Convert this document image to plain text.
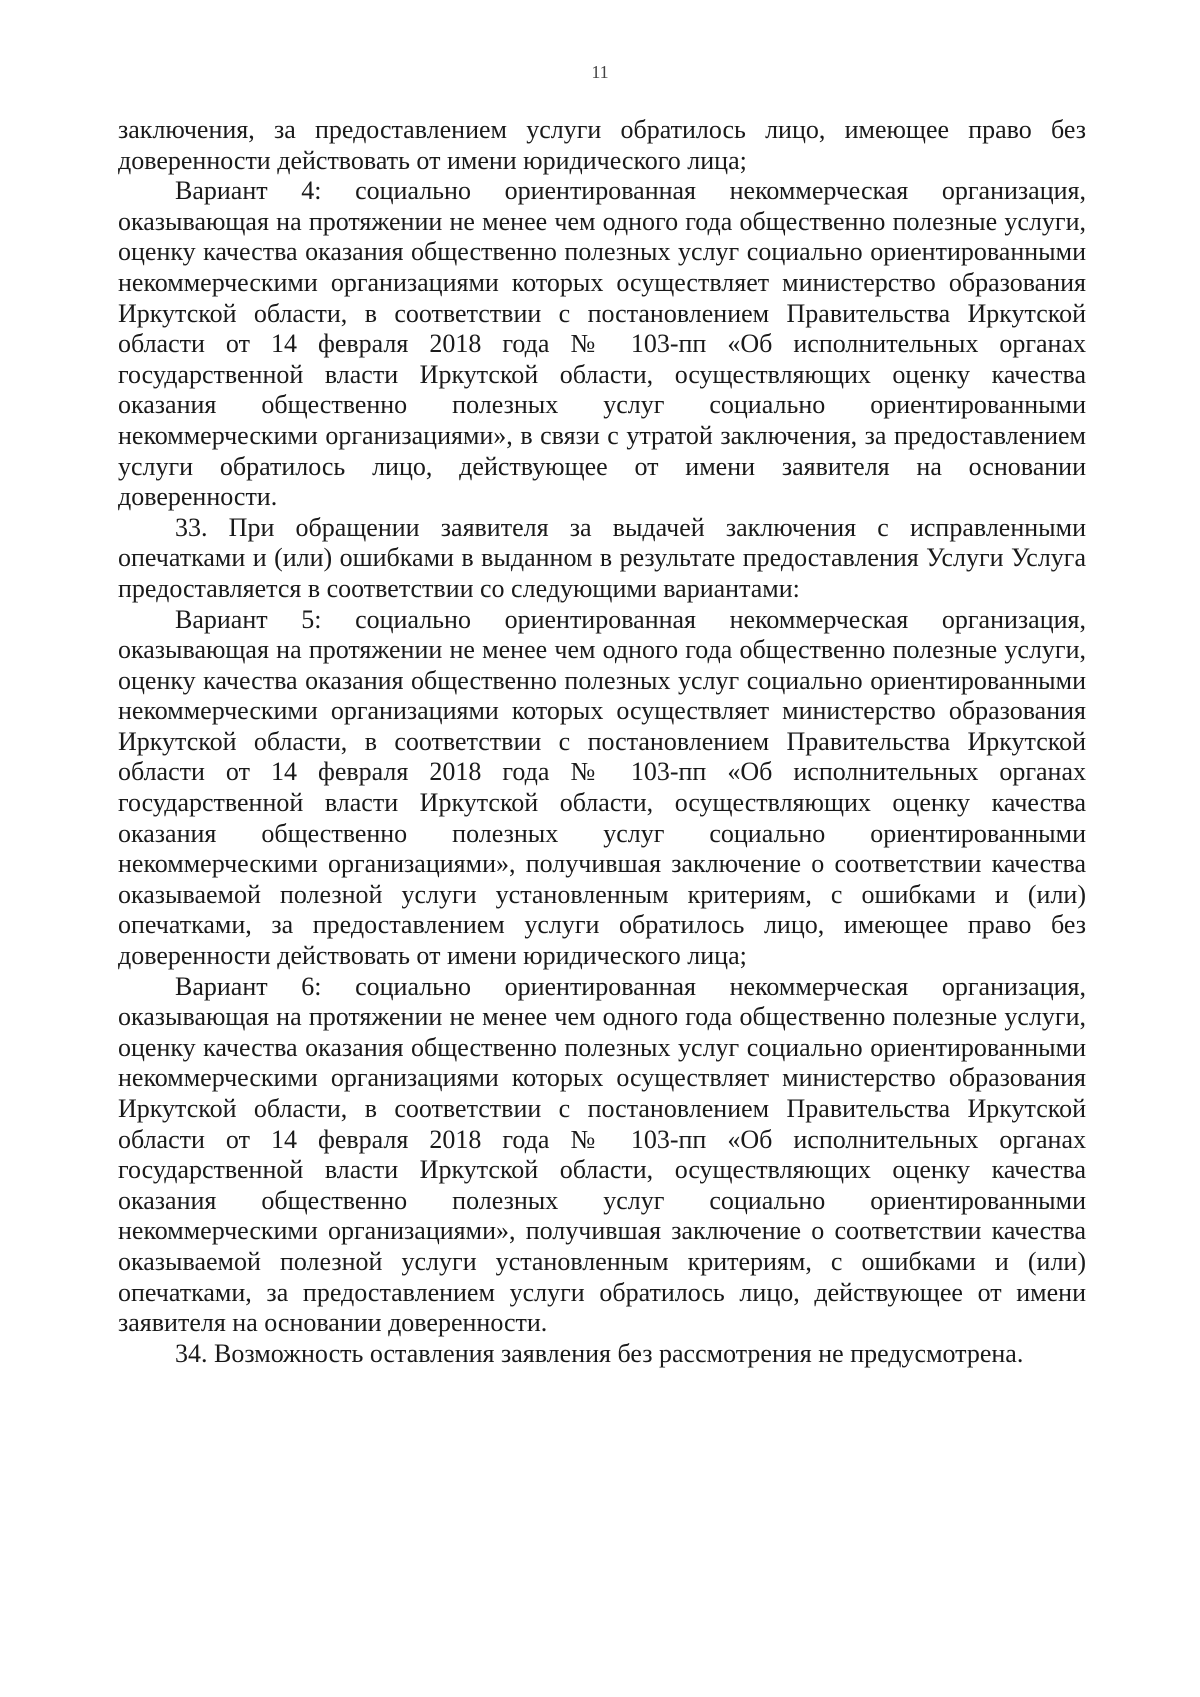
11

заключения, за предоставлением услуги обратилось лицо, имеющее право без доверенности действовать от имени юридического лица;

Вариант 4: социально ориентированная некоммерческая организация, оказывающая на протяжении не менее чем одного года общественно полезные услуги, оценку качества оказания общественно полезных услуг социально ориентированными некоммерческими организациями которых осуществляет министерство образования Иркутской области, в соответствии с постановлением Правительства Иркутской области от 14 февраля 2018 года № 103-пп «Об исполнительных органах государственной власти Иркутской области, осуществляющих оценку качества оказания общественно полезных услуг социально ориентированными некоммерческими организациями», в связи с утратой заключения, за предоставлением услуги обратилось лицо, действующее от имени заявителя на основании доверенности.

33. При обращении заявителя за выдачей заключения с исправленными опечатками и (или) ошибками в выданном в результате предоставления Услуги Услуга предоставляется в соответствии со следующими вариантами:

Вариант 5: социально ориентированная некоммерческая организация, оказывающая на протяжении не менее чем одного года общественно полезные услуги, оценку качества оказания общественно полезных услуг социально ориентированными некоммерческими организациями которых осуществляет министерство образования Иркутской области, в соответствии с постановлением Правительства Иркутской области от 14 февраля 2018 года № 103-пп «Об исполнительных органах государственной власти Иркутской области, осуществляющих оценку качества оказания общественно полезных услуг социально ориентированными некоммерческими организациями», получившая заключение о соответствии качества оказываемой полезной услуги установленным критериям, с ошибками и (или) опечатками, за предоставлением услуги обратилось лицо, имеющее право без доверенности действовать от имени юридического лица;

Вариант 6: социально ориентированная некоммерческая организация, оказывающая на протяжении не менее чем одного года общественно полезные услуги, оценку качества оказания общественно полезных услуг социально ориентированными некоммерческими организациями которых осуществляет министерство образования Иркутской области, в соответствии с постановлением Правительства Иркутской области от 14 февраля 2018 года № 103-пп «Об исполнительных органах государственной власти Иркутской области, осуществляющих оценку качества оказания общественно полезных услуг социально ориентированными некоммерческими организациями», получившая заключение о соответствии качества оказываемой полезной услуги установленным критериям, с ошибками и (или) опечатками, за предоставлением услуги обратилось лицо, действующее от имени заявителя на основании доверенности.

34. Возможность оставления заявления без рассмотрения не предусмотрена.
